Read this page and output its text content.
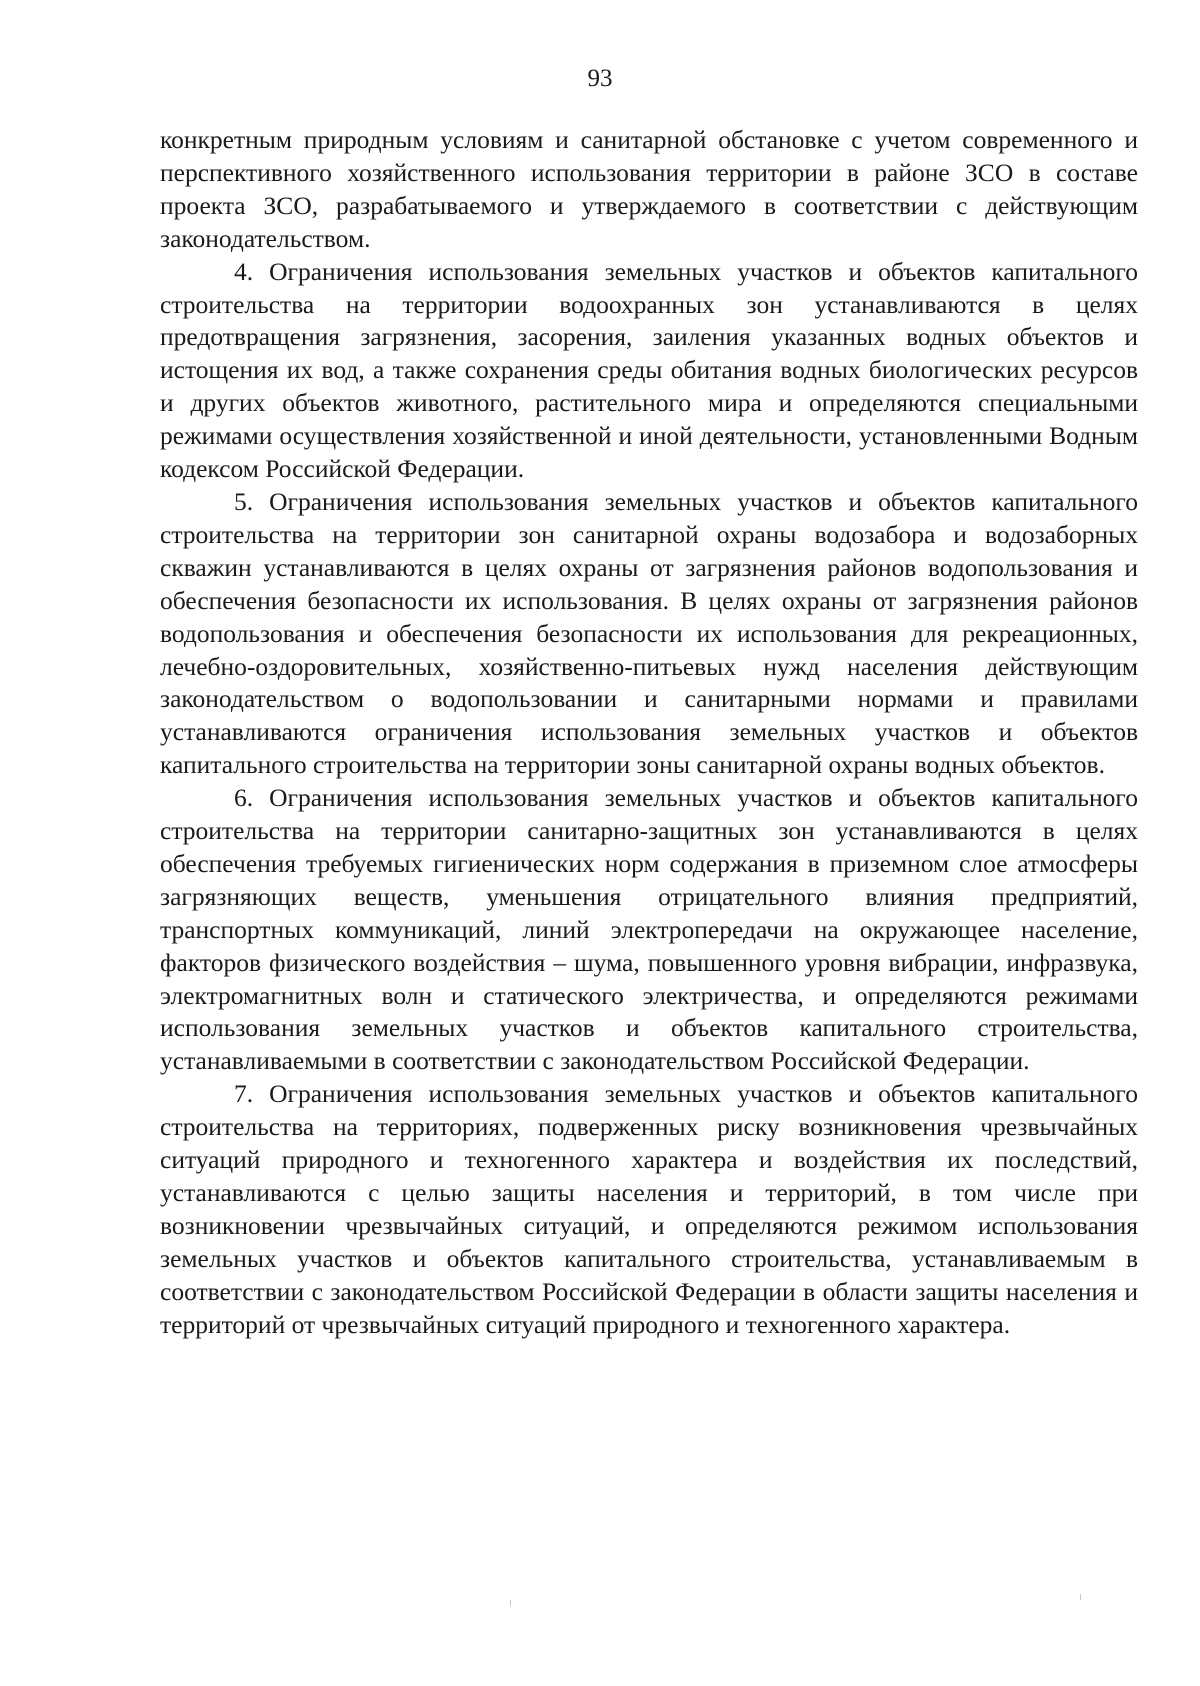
93

конкретным природным условиям и санитарной обстановке с учетом современного и перспективного хозяйственного использования территории в районе ЗСО в составе проекта ЗСО, разрабатываемого и утверждаемого в соответствии с действующим законодательством.

4. Ограничения использования земельных участков и объектов капитального строительства на территории водоохранных зон устанавливаются в целях предотвращения загрязнения, засорения, заиления указанных водных объектов и истощения их вод, а также сохранения среды обитания водных биологических ресурсов и других объектов животного, растительного мира и определяются специальными режимами осуществления хозяйственной и иной деятельности, установленными Водным кодексом Российской Федерации.

5. Ограничения использования земельных участков и объектов капитального строительства на территории зон санитарной охраны водозабора и водозаборных скважин устанавливаются в целях охраны от загрязнения районов водопользования и обеспечения безопасности их использования. В целях охраны от загрязнения районов водопользования и обеспечения безопасности их использования для рекреационных, лечебно-оздоровительных, хозяйственно-питьевых нужд населения действующим законодательством о водопользовании и санитарными нормами и правилами устанавливаются ограничения использования земельных участков и объектов капитального строительства на территории зоны санитарной охраны водных объектов.

6. Ограничения использования земельных участков и объектов капитального строительства на территории санитарно-защитных зон устанавливаются в целях обеспечения требуемых гигиенических норм содержания в приземном слое атмосферы загрязняющих веществ, уменьшения отрицательного влияния предприятий, транспортных коммуникаций, линий электропередачи на окружающее население, факторов физического воздействия – шума, повышенного уровня вибрации, инфразвука, электромагнитных волн и статического электричества, и определяются режимами использования земельных участков и объектов капитального строительства, устанавливаемыми в соответствии с законодательством Российской Федерации.

7. Ограничения использования земельных участков и объектов капитального строительства на территориях, подверженных риску возникновения чрезвычайных ситуаций природного и техногенного характера и воздействия их последствий, устанавливаются с целью защиты населения и территорий, в том числе при возникновении чрезвычайных ситуаций, и определяются режимом использования земельных участков и объектов капитального строительства, устанавливаемым в соответствии с законодательством Российской Федерации в области защиты населения и территорий от чрезвычайных ситуаций природного и техногенного характера.
